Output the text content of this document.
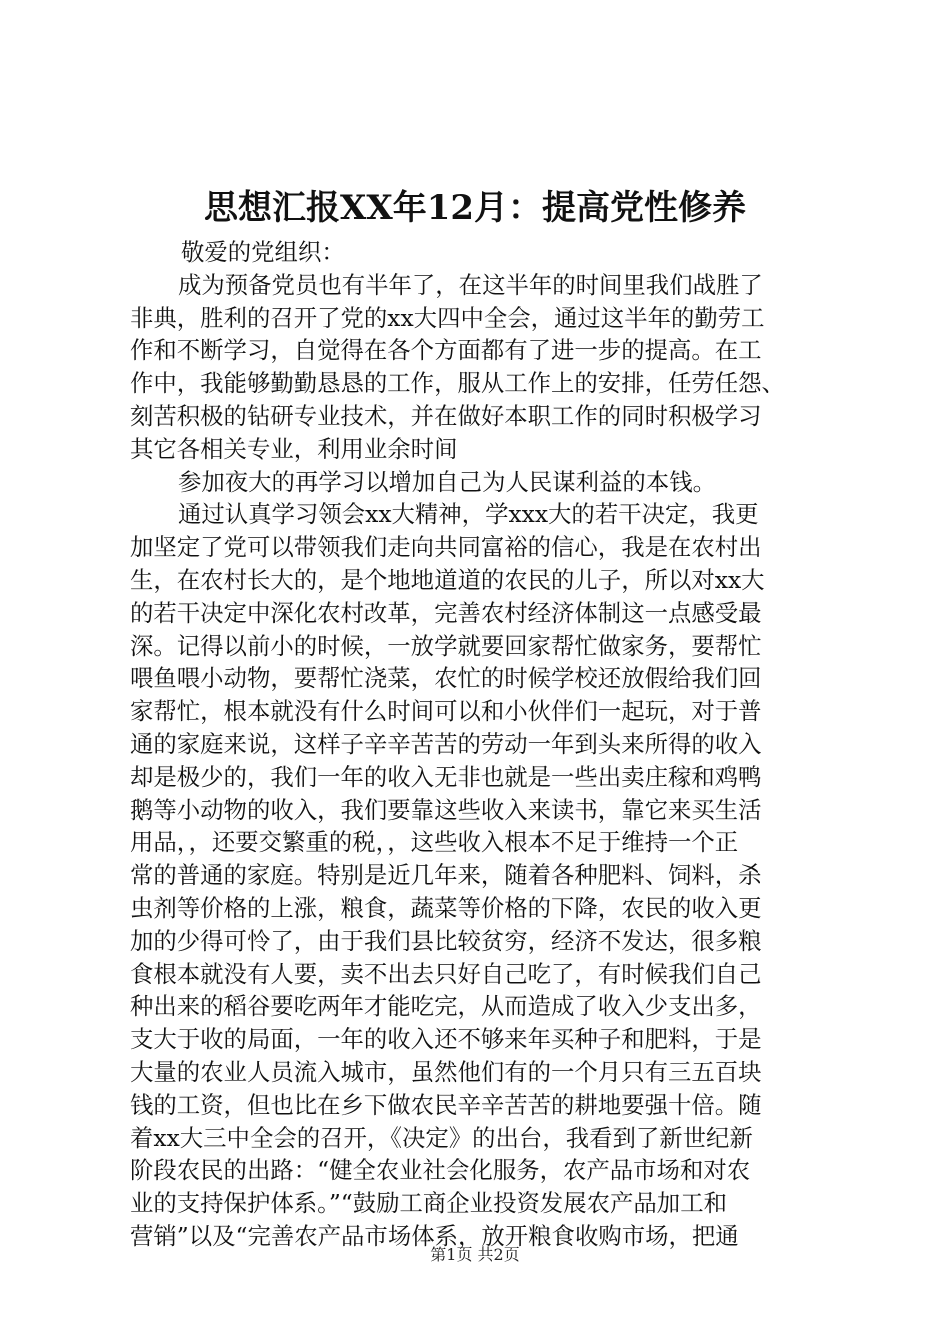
思想汇报XX年12月：提高党性修养
敬爱的党组织：
成为预备党员也有半年了，在这半年的时间里我们战胜了
非典，胜利的召开了党的xx大四中全会，通过这半年的勤劳工
作和不断学习，自觉得在各个方面都有了进一步的提高。在工
作中，我能够勤勤恳恳的工作，服从工作上的安排，任劳任怨、
刻苦积极的钻研专业技术，并在做好本职工作的同时积极学习
其它各相关专业，利用业余时间
参加夜大的再学习以增加自己为人民谋利益的本钱。
通过认真学习领会xx大精神，学xxx大的若干决定，我更
加坚定了党可以带领我们走向共同富裕的信心，我是在农村出
生，在农村长大的，是个地地道道的农民的儿子，所以对xx大
的若干决定中深化农村改革，完善农村经济体制这一点感受最
深。记得以前小的时候，一放学就要回家帮忙做家务，要帮忙
喂鱼喂小动物，要帮忙浇菜，农忙的时候学校还放假给我们回
家帮忙，根本就没有什么时间可以和小伙伴们一起玩，对于普
通的家庭来说，这样子辛辛苦苦的劳动一年到头来所得的收入
却是极少的，我们一年的收入无非也就是一些出卖庄稼和鸡鸭
鹅等小动物的收入，我们要靠这些收入来读书，靠它来买生活
用品，，还要交繁重的税，，这些收入根本不足于维持一个正
常的普通的家庭。特别是近几年来，随着各种肥料、饲料，杀
虫剂等价格的上涨，粮食，蔬菜等价格的下降，农民的收入更
加的少得可怜了，由于我们县比较贫穷，经济不发达，很多粮
食根本就没有人要，卖不出去只好自己吃了，有时候我们自己
种出来的稻谷要吃两年才能吃完，从而造成了收入少支出多，
支大于收的局面，一年的收入还不够来年买种子和肥料，于是
大量的农业人员流入城市，虽然他们有的一个月只有三五百块
钱的工资，但也比在乡下做农民辛辛苦苦的耕地要强十倍。随
着xx大三中全会的召开，《决定》的出台，我看到了新世纪新
阶段农民的出路：“健全农业社会化服务，农产品市场和对农
业的支持保护体系。”“鼓励工商企业投资发展农产品加工和
营销”以及“完善农产品市场体系，放开粮食收购市场，把通
第1页 共2页
